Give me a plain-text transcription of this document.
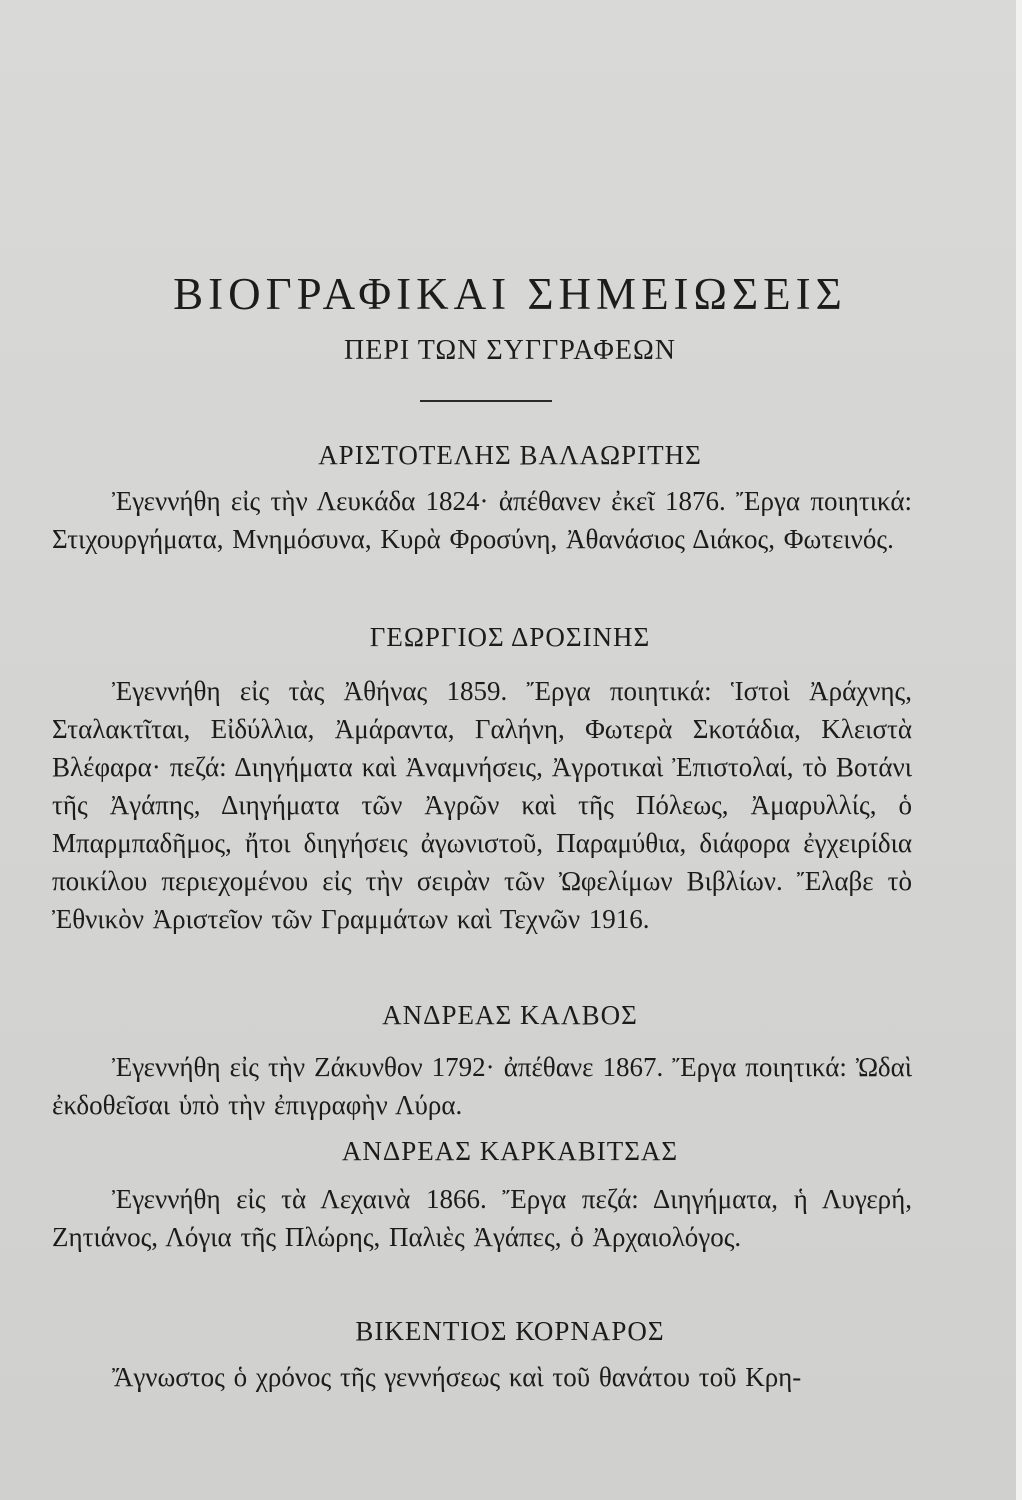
ΒΙΟΓΡΑΦΙΚΑΙ ΣΗΜΕΙΩΣΕΙΣ
ΠΕΡΙ ΤΩΝ ΣΥΓΓΡΑΦΕΩΝ
ΑΡΙΣΤΟΤΕΛΗΣ ΒΑΛΑΩΡΙΤΗΣ
Ἐγεννήθη εἰς τὴν Λευκάδα 1824· ἀπέθανεν ἐκεῖ 1876. Ἔργα ποιητικά: Στιχουργήματα, Μνημόσυνα, Κυρὰ Φροσύνη, Ἀθανάσιος Διάκος, Φωτεινός.
ΓΕΩΡΓΙΟΣ ΔΡΟΣΙΝΗΣ
Ἐγεννήθη εἰς τὰς Ἀθήνας 1859. Ἔργα ποιητικά: Ἱστοὶ Ἀράχνης, Σταλακτῖται, Εἰδύλλια, Ἀμάραντα, Γαλήνη, Φωτερὰ Σκοτάδια, Κλειστὰ Βλέφαρα· πεζά: Διηγήματα καὶ Ἀναμνήσεις, Ἀγροτικαὶ Ἐπιστολαί, τὸ Βοτάνι τῆς Ἀγάπης, Διηγήματα τῶν Ἀγρῶν καὶ τῆς Πόλεως, Ἀμαρυλλίς, ὁ Μπαρμπαδῆμος, ἤτοι διηγήσεις ἀγωνιστοῦ, Παραμύθια, διάφορα ἐγχειρίδια ποικίλου περιεχομένου εἰς τὴν σειρὰν τῶν Ὠφελίμων Βιβλίων. Ἔλαβε τὸ Ἐθνικὸν Ἀριστεῖον τῶν Γραμμάτων καὶ Τεχνῶν 1916.
ΑΝΔΡΕΑΣ ΚΑΛΒΟΣ
Ἐγεννήθη εἰς τὴν Ζάκυνθον 1792· ἀπέθανε 1867. Ἔργα ποιητικά: Ὠδαὶ ἐκδοθεῖσαι ὑπὸ τὴν ἐπιγραφὴν Λύρα.
ΑΝΔΡΕΑΣ ΚΑΡΚΑΒΙΤΣΑΣ
Ἐγεννήθη εἰς τὰ Λεχαινὰ 1866. Ἔργα πεζά: Διηγήματα, ἡ Λυγερή, Ζητιάνος, Λόγια τῆς Πλώρης, Παλιὲς Ἀγάπες, ὁ Ἀρχαιολόγος.
ΒΙΚΕΝΤΙΟΣ ΚΟΡΝΑΡΟΣ
Ἄγνωστος ὁ χρόνος τῆς γεννήσεως καὶ τοῦ θανάτου τοῦ Κρη-
